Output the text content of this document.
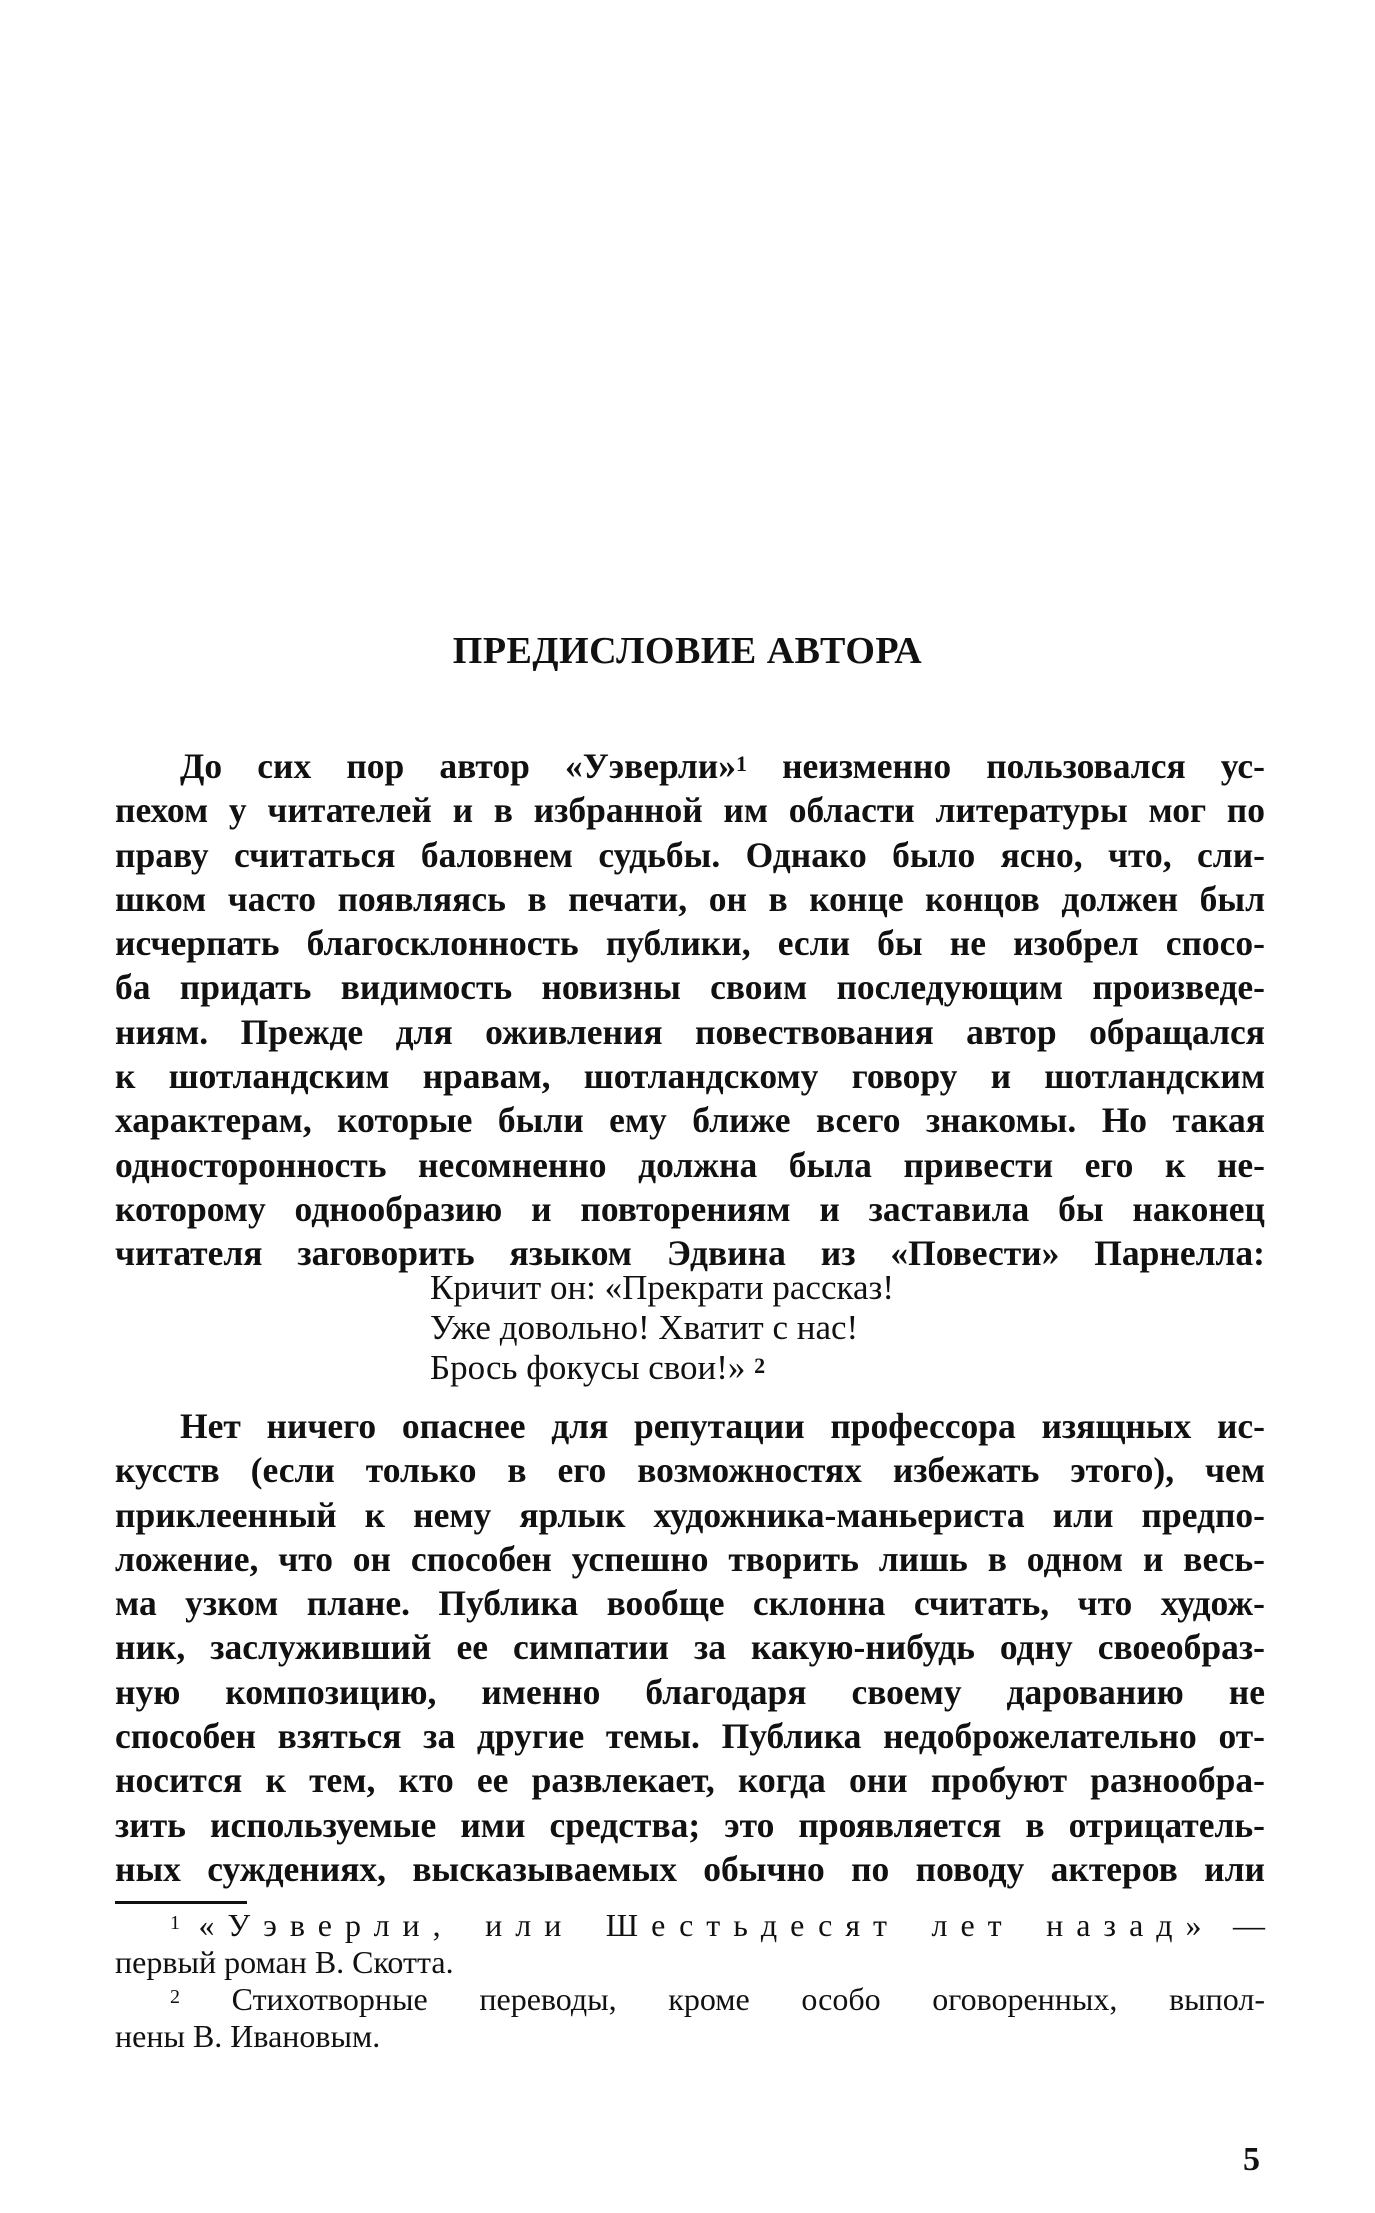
ПРЕДИСЛОВИЕ АВТОРА

До сих пор автор «Уэверли»$^1$ неизменно пользовался ус-
пехом у читателей и в избранной им области литературы мог по
праву считаться баловнем судьбы. Однако было ясно, что, сли-
шком часто появляясь в печати, он в конце концов должен был
исчерпать благосклонность публики, если бы не изобрел спосо-
ба придать видимость новизны своим последующим произведе-
ниям. Прежде для оживления повествования автор обращался
к шотландским нравам, шотландскому говору и шотландским
характерам, которые были ему ближе всего знакомы. Но такая
односторонность несомненно должна была привести его к не-
которому однообразию и повторениям и заставила бы наконец
читателя заговорить языком Эдвина из «Повести» Парнелла:

Кричит он: «Прекрати рассказ!
Уже довольно! Хватит с нас!
Брось фокусы свои!» $^2$

Нет ничего опаснее для репутации профессора изящных ис-
кусств (если только в его возможностях избежать этого), чем
приклеенный к нему ярлык художника-маньериста или предпо-
ложение, что он способен успешно творить лишь в одном и весь-
ма узком плане. Публика вообще склонна считать, что худож-
ник, заслуживший ее симпатии за какую-нибудь одну своеобраз-
ную композицию, именно благодаря своему дарованию не
способен взяться за другие темы. Публика недоброжелательно от-
носится к тем, кто ее развлекает, когда они пробуют разнообра-
зить используемые ими средства; это проявляется в отрицатель-
ных суждениях, высказываемых обычно по поводу актеров или

$^1$ «Уэверли, или Шестьдесят лет назад» —
первый роман В. Скотта.
$^2$ Стихотворные переводы, кроме особо оговоренных, выпол-
нены В. Ивановым.
5
